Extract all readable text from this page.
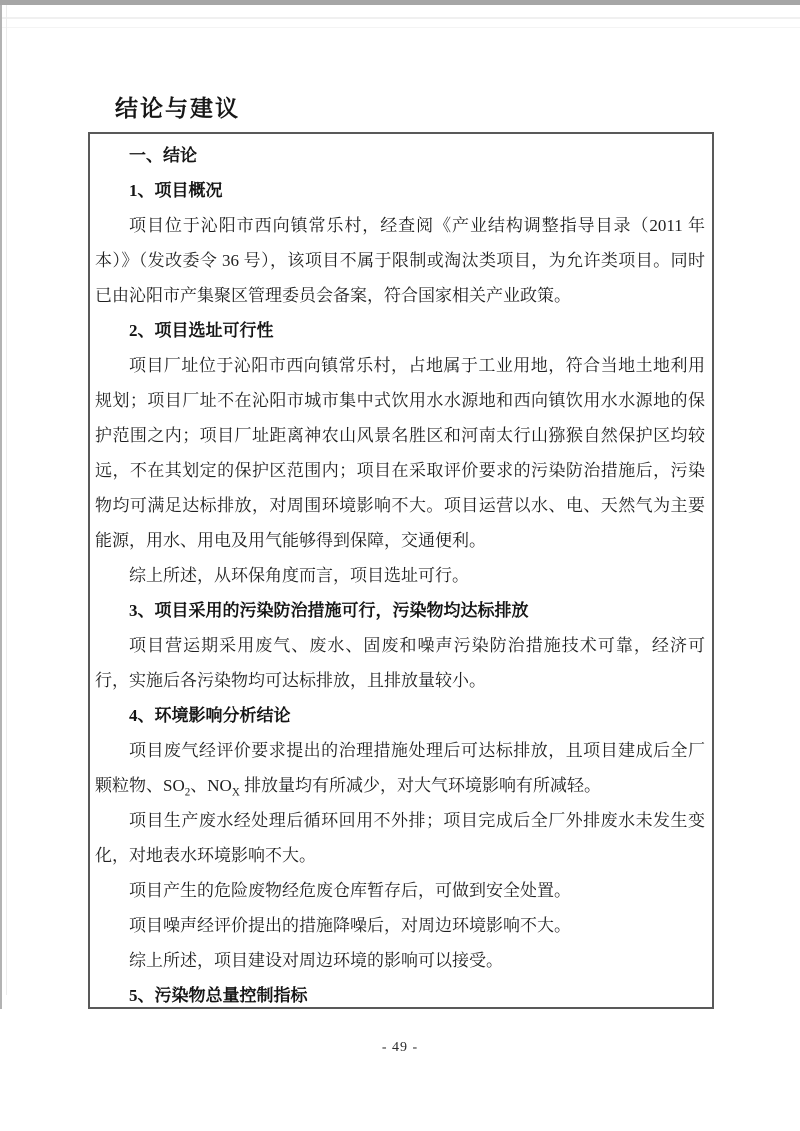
结论与建议
一、结论
1、项目概况

项目位于沁阳市西向镇常乐村，经查阅《产业结构调整指导目录（2011 年本）》（发改委令 36 号），该项目不属于限制或淘汰类项目，为允许类项目。同时已由沁阳市产集聚区管理委员会备案，符合国家相关产业政策。

2、项目选址可行性

项目厂址位于沁阳市西向镇常乐村，占地属于工业用地，符合当地土地利用规划；项目厂址不在沁阳市城市集中式饮用水水源地和西向镇饮用水水源地的保护范围之内；项目厂址距离神农山风景名胜区和河南太行山猕猴自然保护区均较远，不在其划定的保护区范围内；项目在采取评价要求的污染防治措施后，污染物均可满足达标排放，对周围环境影响不大。项目运营以水、电、天然气为主要能源，用水、用电及用气能够得到保障，交通便利。

综上所述，从环保角度而言，项目选址可行。

3、项目采用的污染防治措施可行，污染物均达标排放

项目营运期采用废气、废水、固废和噪声污染防治措施技术可靠，经济可行，实施后各污染物均可达标排放，且排放量较小。

4、环境影响分析结论

项目废气经评价要求提出的治理措施处理后可达标排放，且项目建成后全厂颗粒物、$SO_2$、$NO_X$ 排放量均有所减少，对大气环境影响有所减轻。

项目生产废水经处理后循环回用不外排；项目完成后全厂外排废水未发生变化，对地表水环境影响不大。

项目产生的危险废物经危废仓库暂存后，可做到安全处置。

项目噪声经评价提出的措施降噪后，对周边环境影响不大。

综上所述，项目建设对周边环境的影响可以接受。

5、污染物总量控制指标
- 49 -
